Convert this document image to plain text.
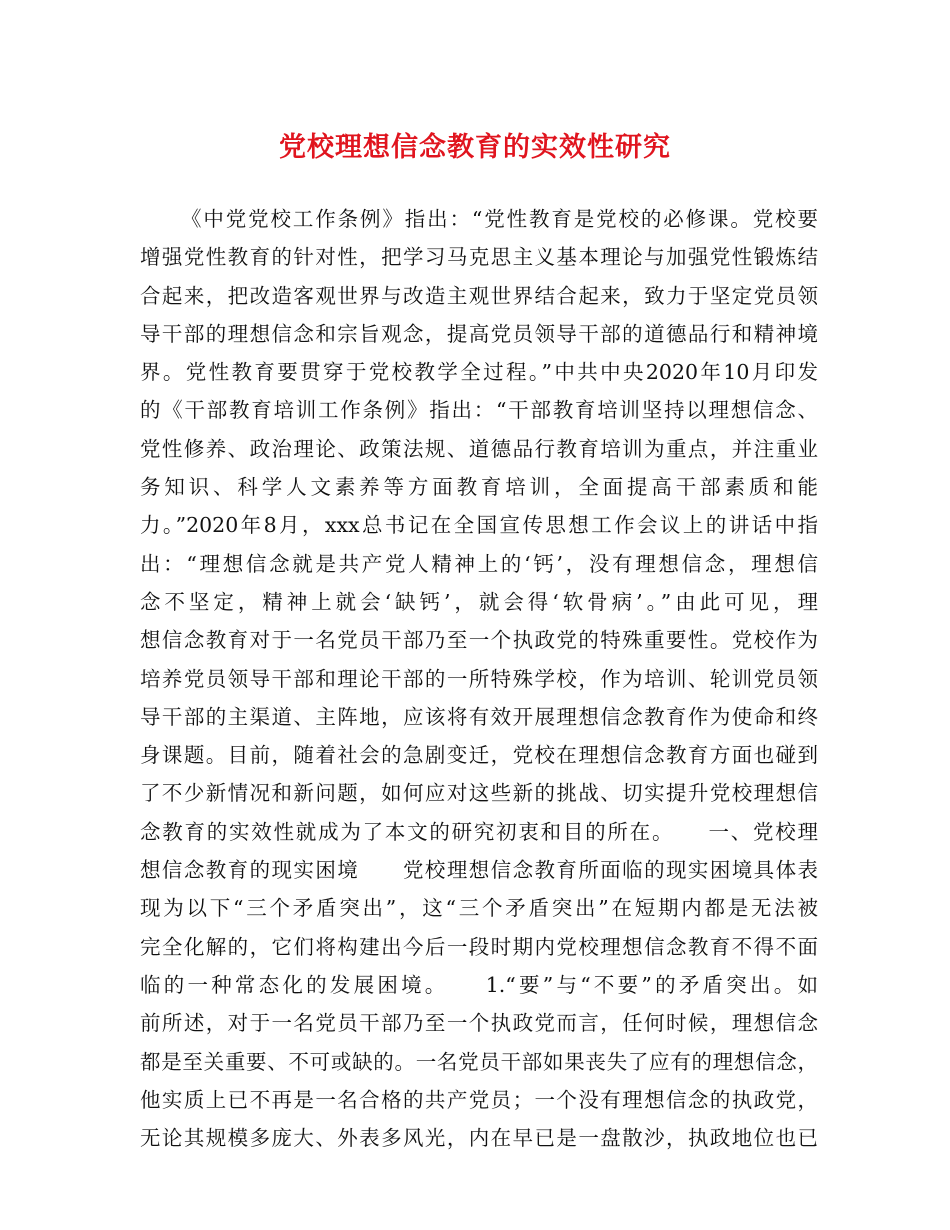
党校理想信念教育的实效性研究
《中党党校工作条例》指出：“党性教育是党校的必修课。党校要
增强党性教育的针对性，把学习马克思主义基本理论与加强党性锻炼结
合起来，把改造客观世界与改造主观世界结合起来，致力于坚定党员领
导干部的理想信念和宗旨观念，提高党员领导干部的道德品行和精神境
界。党性教育要贯穿于党校教学全过程。”中共中央2020年10月印发
的《干部教育培训工作条例》指出：“干部教育培训坚持以理想信念、
党性修养、政治理论、政策法规、道德品行教育培训为重点，并注重业
务知识、科学人文素养等方面教育培训，全面提高干部素质和能
力。”2020年8月，xxx总书记在全国宣传思想工作会议上的讲话中指
出：“理想信念就是共产党人精神上的‘钙’，没有理想信念，理想信
念不坚定，精神上就会‘缺钙’，就会得‘软骨病’。”由此可见，理
想信念教育对于一名党员干部乃至一个执政党的特殊重要性。党校作为
培养党员领导干部和理论干部的一所特殊学校，作为培训、轮训党员领
导干部的主渠道、主阵地，应该将有效开展理想信念教育作为使命和终
身课题。目前，随着社会的急剧变迁，党校在理想信念教育方面也碰到
了不少新情况和新问题，如何应对这些新的挑战、切实提升党校理想信
念教育的实效性就成为了本文的研究初衷和目的所在。　　一、党校理
想信念教育的现实困境　　党校理想信念教育所面临的现实困境具体表
现为以下“三个矛盾突出”，这“三个矛盾突出”在短期内都是无法被
完全化解的，它们将构建出今后一段时期内党校理想信念教育不得不面
临的一种常态化的发展困境。　　1.“要”与“不要”的矛盾突出。如
前所述，对于一名党员干部乃至一个执政党而言，任何时候，理想信念
都是至关重要、不可或缺的。一名党员干部如果丧失了应有的理想信念，
他实质上已不再是一名合格的共产党员；一个没有理想信念的执政党，
无论其规模多庞大、外表多风光，内在早已是一盘散沙，执政地位也已
